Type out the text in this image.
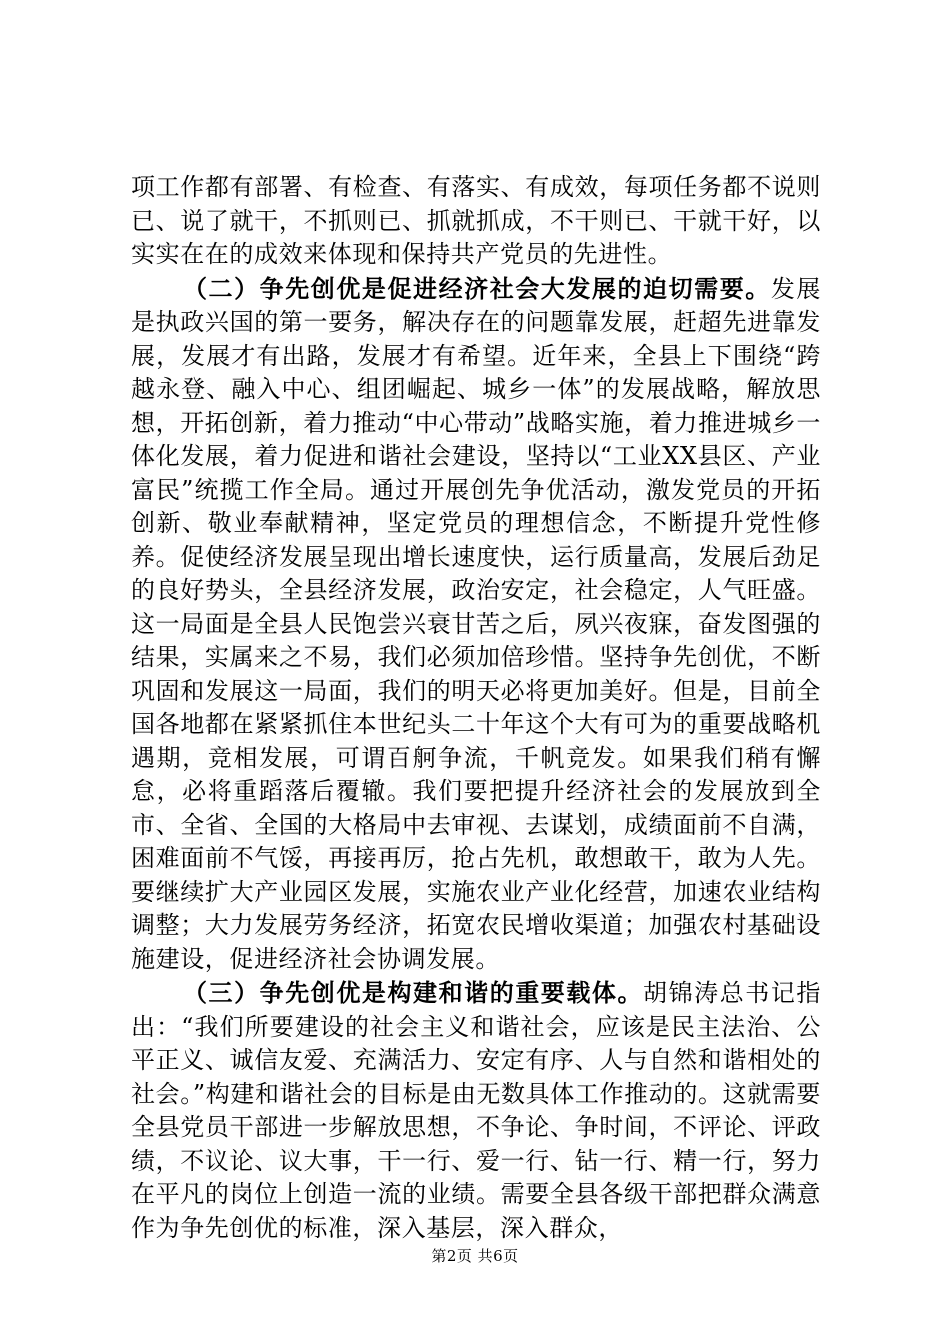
项工作都有部署、有检查、有落实、有成效，每项任务都不说则已、说了就干，不抓则已、抓就抓成，不干则已、干就干好，以实实在在的成效来体现和保持共产党员的先进性。

（二）争先创优是促进经济社会大发展的迫切需要。发展是执政兴国的第一要务，解决存在的问题靠发展，赶超先进靠发展，发展才有出路，发展才有希望。近年来，全县上下围绕“跨越永登、融入中心、组团崛起、城乡一体”的发展战略，解放思想，开拓创新，着力推动“中心带动”战略实施，着力推进城乡一体化发展，着力促进和谐社会建设，坚持以“工业XX县区、产业富民”统揽工作全局。通过开展创先争优活动，激发党员的开拓创新、敬业奉献精神，坚定党员的理想信念，不断提升党性修养。促使经济发展呈现出增长速度快，运行质量高，发展后劲足的良好势头，全县经济发展，政治安定，社会稳定，人气旺盛。这一局面是全县人民饱尝兴衰甘苦之后，夙兴夜寐，奋发图强的结果，实属来之不易，我们必须加倍珍惜。坚持争先创优，不断巩固和发展这一局面，我们的明天必将更加美好。但是，目前全国各地都在紧紧抓住本世纪头二十年这个大有可为的重要战略机遇期，竞相发展，可谓百舸争流，千帆竞发。如果我们稍有懈怠，必将重蹈落后覆辙。我们要把提升经济社会的发展放到全市、全省、全国的大格局中去审视、去谋划，成绩面前不自满，困难面前不气馁，再接再厉，抢占先机，敢想敢干，敢为人先。要继续扩大产业园区发展，实施农业产业化经营，加速农业结构调整；大力发展劳务经济，拓宽农民增收渠道；加强农村基础设施建设，促进经济社会协调发展。

（三）争先创优是构建和谐的重要载体。胡锦涛总书记指出：“我们所要建设的社会主义和谐社会，应该是民主法治、公平正义、诚信友爱、充满活力、安定有序、人与自然和谐相处的社会。”构建和谐社会的目标是由无数具体工作推动的。这就需要全县党员干部进一步解放思想，不争论、争时间，不评论、评政绩，不议论、议大事，干一行、爱一行、钻一行、精一行，努力在平凡的岗位上创造一流的业绩。需要全县各级干部把群众满意作为争先创优的标准，深入基层，深入群众，

第2页 共6页
